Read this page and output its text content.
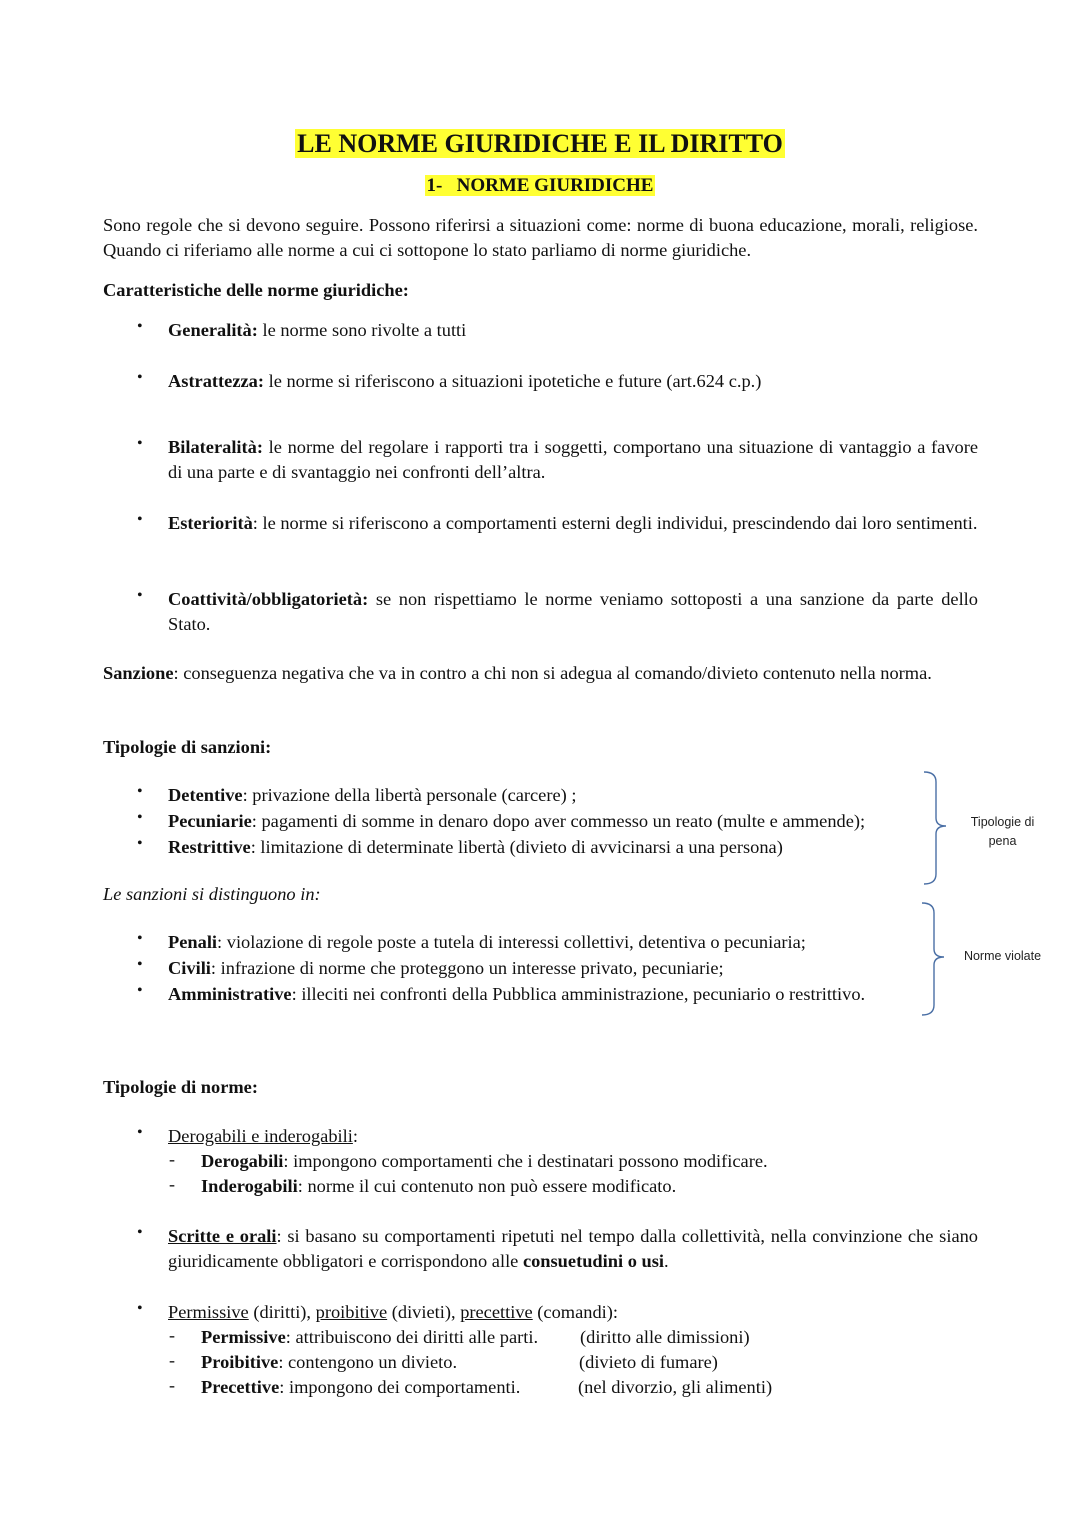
LE NORME GIURIDICHE E IL DIRITTO
1-   NORME GIURIDICHE
Sono regole che si devono seguire. Possono riferirsi a situazioni come: norme di buona educazione, morali, religiose. Quando ci riferiamo alle norme a cui ci sottopone lo stato parliamo di norme giuridiche.
Caratteristiche delle norme giuridiche:
• Generalità: le norme sono rivolte a tutti
• Astrattezza: le norme si riferiscono a situazioni ipotetiche e future (art.624 c.p.)
• Bilateralità: le norme del regolare i rapporti tra i soggetti, comportano una situazione di vantaggio a favore di una parte e di svantaggio nei confronti dell’altra.
• Esteriorità: le norme si riferiscono a comportamenti esterni degli individui, prescindendo dai loro sentimenti.
• Coattività/obbligatorietà: se non rispettiamo le norme veniamo sottoposti a una sanzione da parte dello Stato.
Sanzione: conseguenza negativa che va in contro a chi non si adegua al comando/divieto contenuto nella norma.
Tipologie di sanzioni:
• Detentive: privazione della libertà personale (carcere) ;
• Pecuniarie: pagamenti di somme in denaro dopo aver commesso un reato (multe e ammende);
• Restrittive: limitazione di determinate libertà (divieto di avvicinarsi a una persona)
Tipologie di
pena
Le sanzioni si distinguono in:
• Penali: violazione di regole poste a tutela di interessi collettivi, detentiva o pecuniaria;
• Civili: infrazione di norme che proteggono un interesse privato, pecuniarie;
• Amministrative: illeciti nei confronti della Pubblica amministrazione, pecuniario o restrittivo.
Norme violate
Tipologie di norme:
• Derogabili e inderogabili:
- Derogabili: impongono comportamenti che i destinatari possono modificare.
- Inderogabili: norme il cui contenuto non può essere modificato.
• Scritte e orali: si basano su comportamenti ripetuti nel tempo dalla collettività, nella convinzione che siano giuridicamente obbligatori e corrispondono alle consuetudini o usi.
• Permissive (diritti), proibitive (divieti), precettive (comandi):
- Permissive: attribuiscono dei diritti alle parti. (diritto alle dimissioni)
- Proibitive: contengono un divieto.	(divieto di fumare)
- Precettive: impongono dei comportamenti.	(nel divorzio, gli alimenti)
